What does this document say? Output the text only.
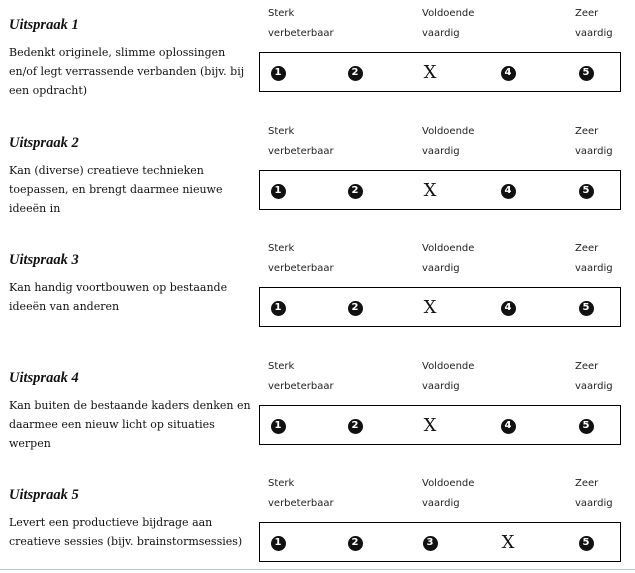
Uitspraak 1
Bedenkt originele, slimme oplossingen en/of legt verrassende verbanden (bijv. bij een opdracht)
Sterk
verbeterbaar
Voldoende
vaardig
Zeer
vaardig
1	2	X	4	5
Uitspraak 2
Kan (diverse) creatieve technieken toepassen, en brengt daarmee nieuwe ideeën in
Sterk
verbeterbaar
Voldoende
vaardig
Zeer
vaardig
1	2	X	4	5
Uitspraak 3
Kan handig voortbouwen op bestaande ideeën van anderen
Sterk
verbeterbaar
Voldoende
vaardig
Zeer
vaardig
1	2	X	4	5
Uitspraak 4
Kan buiten de bestaande kaders denken en daarmee een nieuw licht op situaties werpen
Sterk
verbeterbaar
Voldoende
vaardig
Zeer
vaardig
1	2	X	4	5
Uitspraak 5
Levert een productieve bijdrage aan creatieve sessies (bijv. brainstormsessies)
Sterk
verbeterbaar
Voldoende
vaardig
Zeer
vaardig
1	2	3	X	5
